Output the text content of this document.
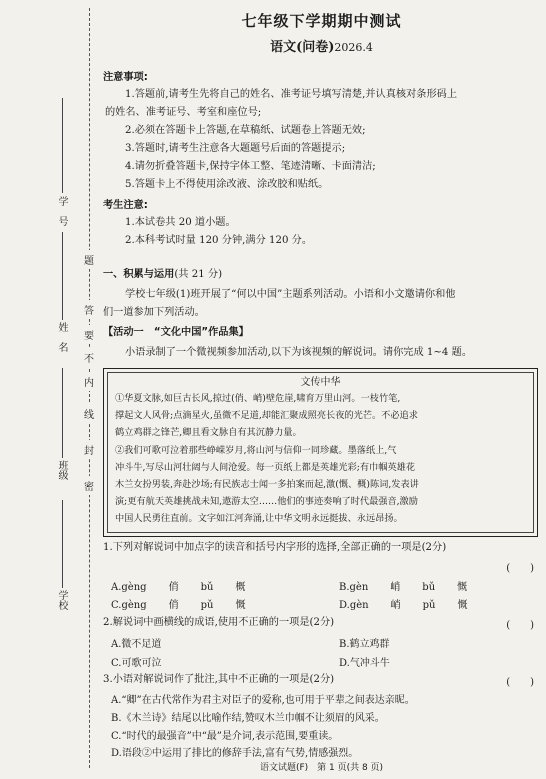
学　号
姓　名
班级
学校
题
答
要
不
内
线
封
密
七年级下学期期中测试
语文(问卷)2026.4
注意事项:
1.答题前,请考生先将自己的姓名、准考证号填写清楚,并认真核对条形码上
的姓名、准考证号、考室和座位号;
2.必须在答题卡上答题,在草稿纸、试题卷上答题无效;
3.答题时,请考生注意各大题题号后面的答题提示;
4.请勿折叠答题卡,保持字体工整、笔迹清晰、卡面清洁;
5.答题卡上不得使用涂改液、涂改胶和贴纸。
考生注意:
1.本试卷共 20 道小题。
2.本科考试时量 120 分钟,满分 120 分。
一、积累与运用(共 21 分)
学校七年级(1)班开展了“何以中国”主题系列活动。小语和小文邀请你和他
们一道参加下列活动。
【活动一　“文化中国”作品集】
小语录制了一个微视频参加活动,以下为该视频的解说词。请你完成 1~4 题。
文传中华
①华夏文脉,如巨古长风,掠过(俏、峭)壁危崖,啸育万里山河。一枝竹笔,
撑起文人风骨;点滴星火,虽微不足道,却能汇聚成照亮长夜的光芒。不必追求
鹤立鸡群之锋芒,卿且看文脉自有其沉静力量。
②我们可歌可泣着那些峥嵘岁月,将山河与信仰一同珍藏。墨落纸上,气
冲斗牛,写尽山河壮阔与人间沧爱。每一页纸上都是英雄光彩;有巾帼英雄花
木兰女扮男装,奔赴沙场;有民族志士闻一多拍案而起,激(慨、概)陈词,发表讲
演;更有航天英雄挑战未知,遨游太空……他们的事迹奏响了时代最强音,激励
中国人民勇往直前。文字如江河奔涌,让中华文明永远挺拔、永远昂扬。
1.下列对解说词中加点字的读音和括号内字形的选择,全部正确的一项是(2分)
(　　)
A.gèng 俏 bǔ 概	B.gèn 峭 bǔ 慨
C.gèng 俏 pǔ 慨	D.gèn 峭 pǔ 慨
2.解说词中画横线的成语,使用不正确的一项是(2分)	(　　)
A.微不足道	B.鹤立鸡群
C.可歌可泣	D.气冲斗牛
3.小语对解说词作了批注,其中不正确的一项是(2分)	(　　)
A.“卿”在古代常作为君主对臣子的爱称,也可用于平辈之间表达亲昵。
B.《木兰诗》结尾以比喻作结,赞叹木兰巾帼不让须眉的风采。
C.“时代的最强音”中“最”是介词,表示范围,要重读。
D.语段②中运用了排比的修辞手法,富有气势,情感强烈。
语文试题(F)　第 1 页(共 8 页)
